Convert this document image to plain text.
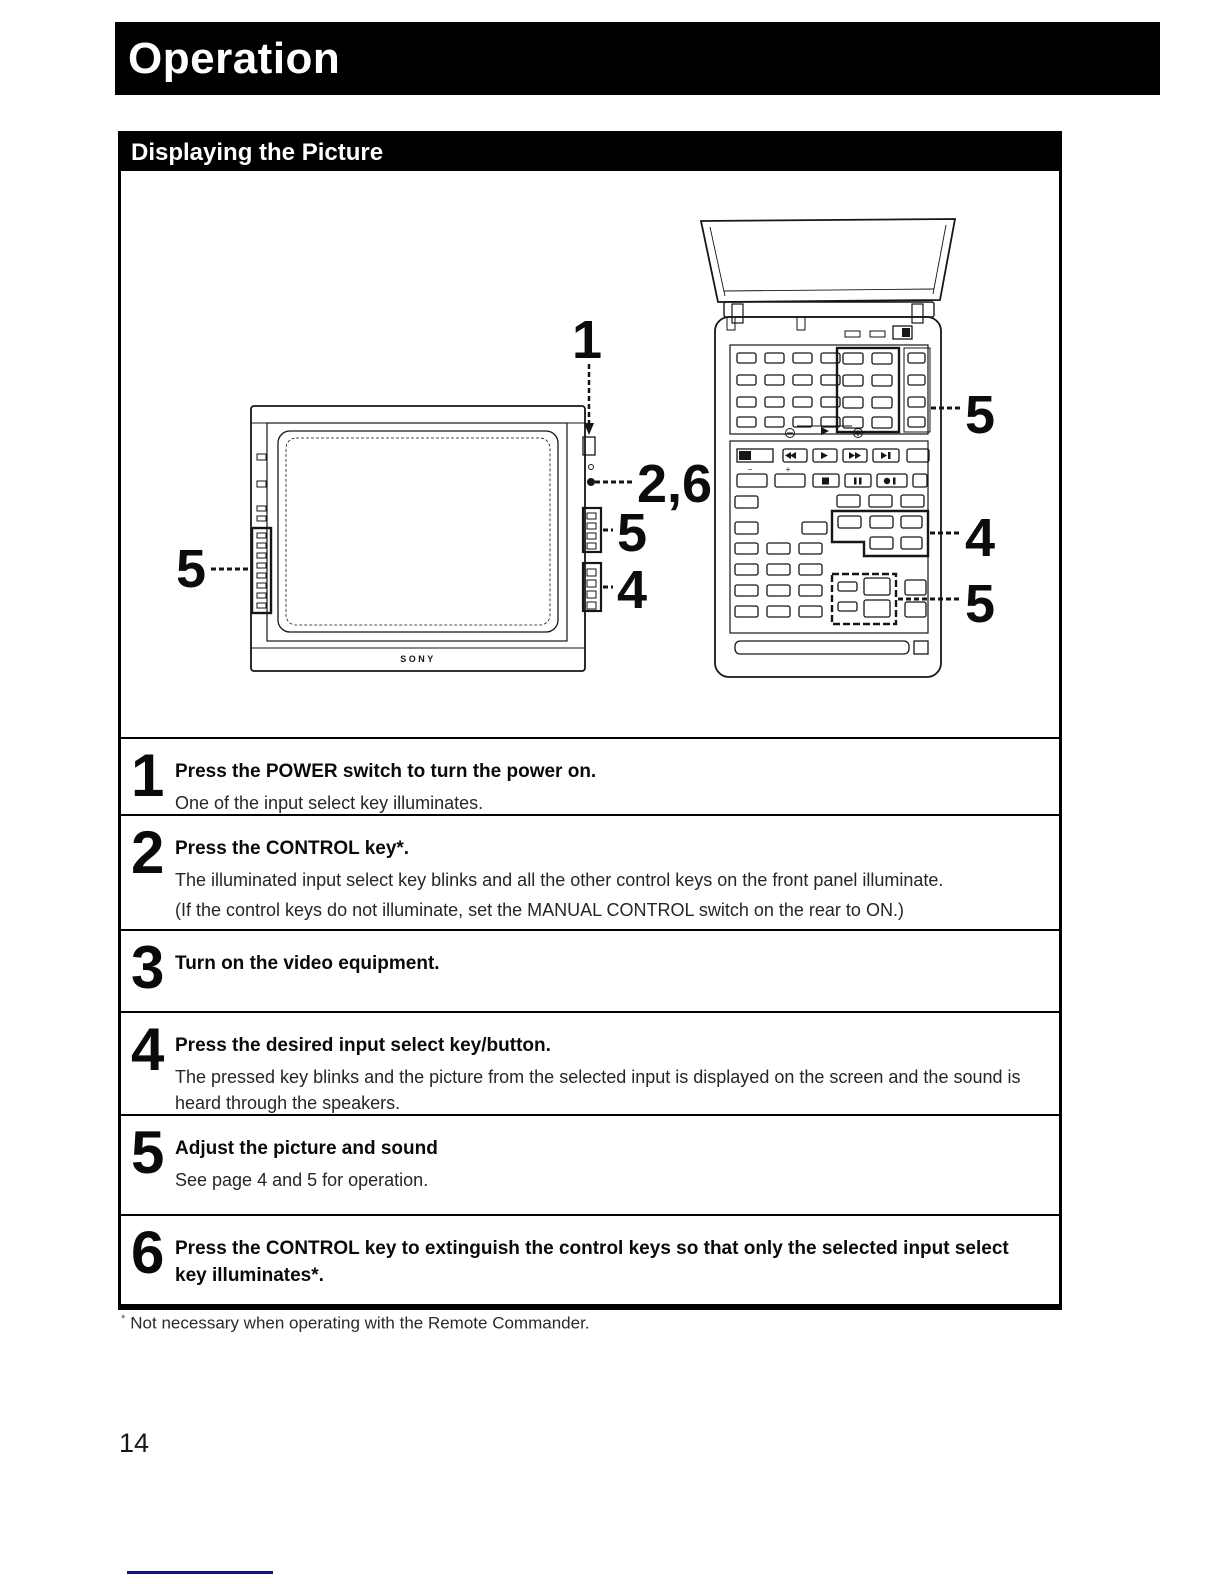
Operation
Displaying the Picture
SONY
−	+
1
2,6
5
4
5
5
4
5
1 Press the POWER switch to turn the power on.
One of the input select key illuminates.
2 Press the CONTROL key*.
The illuminated input select key blinks and all the other control keys on the front panel illuminate.
(If the control keys do not illuminate, set the MANUAL CONTROL switch on the rear to ON.)
3 Turn on the video equipment.
4 Press the desired input select key/button.
The pressed key blinks and the picture from the selected input is displayed on the screen and the sound is heard through the speakers.
5 Adjust the picture and sound
See page 4 and 5 for operation.
6 Press the CONTROL key to extinguish the control keys so that only the selected input select key illuminates*.
* Not necessary when operating with the Remote Commander.
14
